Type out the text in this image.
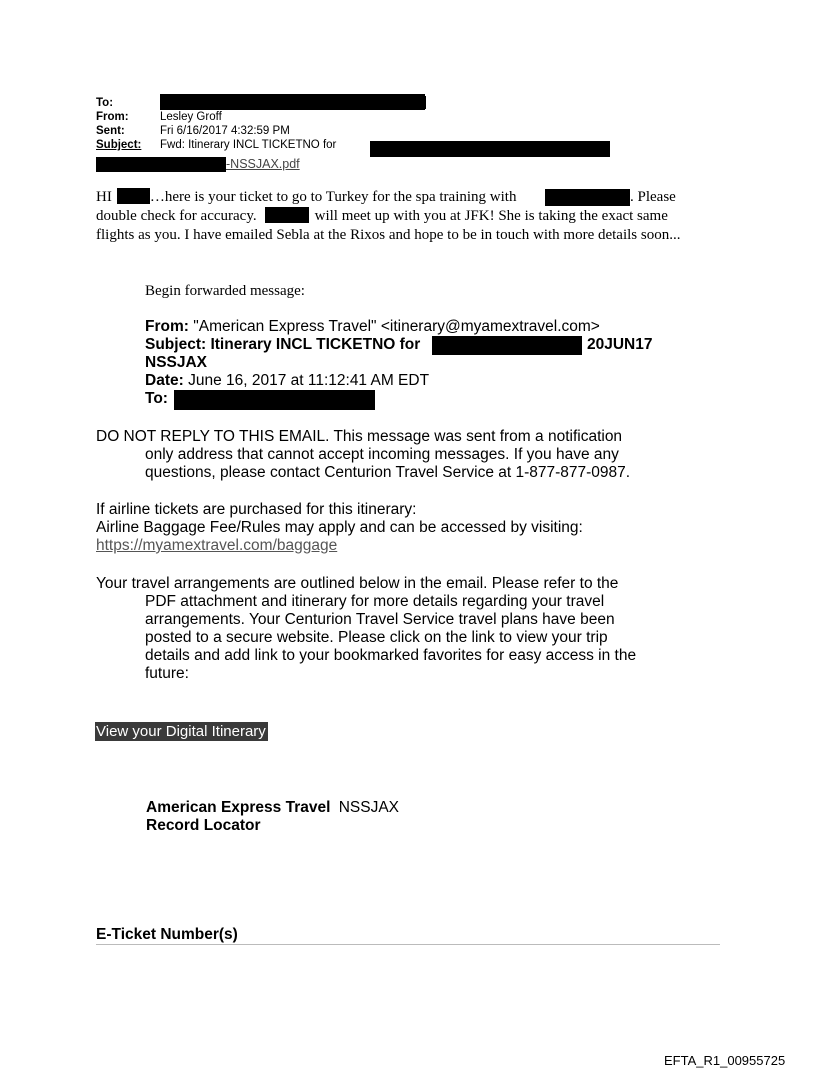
To:
From:	Lesley Groff
Sent:	Fri 6/16/2017 4:32:59 PM
Subject: Fwd: Itinerary INCL TICKETNO for
-NSSJAX.pdf
HI	…here is your ticket to go to Turkey for the spa training with	. Please
double check for accuracy.	will meet up with you at JFK! She is taking the exact same
flights as you. I have emailed Sebla at the Rixos and hope to be in touch with more details soon...
Begin forwarded message:
From: "American Express Travel" <itinerary@myamextravel.com>
Subject: Itinerary INCL TICKETNO for	20JUN17
NSSJAX
Date: June 16, 2017 at 11:12:41 AM EDT
To:
DO NOT REPLY TO THIS EMAIL. This message was sent from a notification
only address that cannot accept incoming messages. If you have any
questions, please contact Centurion Travel Service at 1-877-877-0987.
If airline tickets are purchased for this itinerary:
Airline Baggage Fee/Rules may apply and can be accessed by visiting:
https://myamextravel.com/baggage
Your travel arrangements are outlined below in the email. Please refer to the
PDF attachment and itinerary for more details regarding your travel
arrangements. Your Centurion Travel Service travel plans have been
posted to a secure website. Please click on the link to view your trip
details and add link to your bookmarked favorites for easy access in the
future:
View your Digital Itinerary
American Express Travel NSSJAX
Record Locator
E-Ticket Number(s)
EFTA_R1_00955725
